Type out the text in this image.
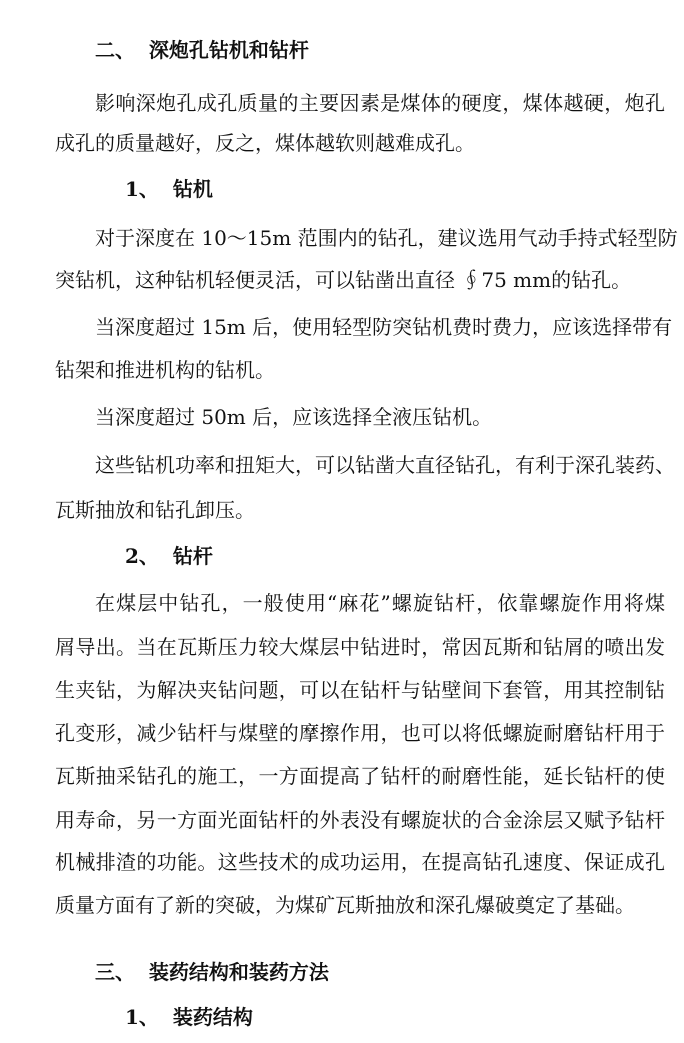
二、  深炮孔钻机和钻杆
影响深炮孔成孔质量的主要因素是煤体的硬度，煤体越硬，炮孔
成孔的质量越好，反之，煤体越软则越难成孔。
1、  钻机
对于深度在 10～15m 范围内的钻孔，建议选用气动手持式轻型防
突钻机，这种钻机轻便灵活，可以钻凿出直径 ∮75 mm的钻孔。
当深度超过 15m 后，使用轻型防突钻机费时费力，应该选择带有
钻架和推进机构的钻机。
当深度超过 50m 后，应该选择全液压钻机。
这些钻机功率和扭矩大，可以钻凿大直径钻孔，有利于深孔装药、
瓦斯抽放和钻孔卸压。
2、  钻杆
在煤层中钻孔，一般使用“麻花”螺旋钻杆，依靠螺旋作用将煤
屑导出。当在瓦斯压力较大煤层中钻进时，常因瓦斯和钻屑的喷出发
生夹钻，为解决夹钻问题，可以在钻杆与钻壁间下套管，用其控制钻
孔变形，减少钻杆与煤壁的摩擦作用，也可以将低螺旋耐磨钻杆用于
瓦斯抽采钻孔的施工，一方面提高了钻杆的耐磨性能，延长钻杆的使
用寿命，另一方面光面钻杆的外表没有螺旋状的合金涂层又赋予钻杆
机械排渣的功能。这些技术的成功运用，在提高钻孔速度、保证成孔
质量方面有了新的突破，为煤矿瓦斯抽放和深孔爆破奠定了基础。
三、  装药结构和装药方法
1、  装药结构
